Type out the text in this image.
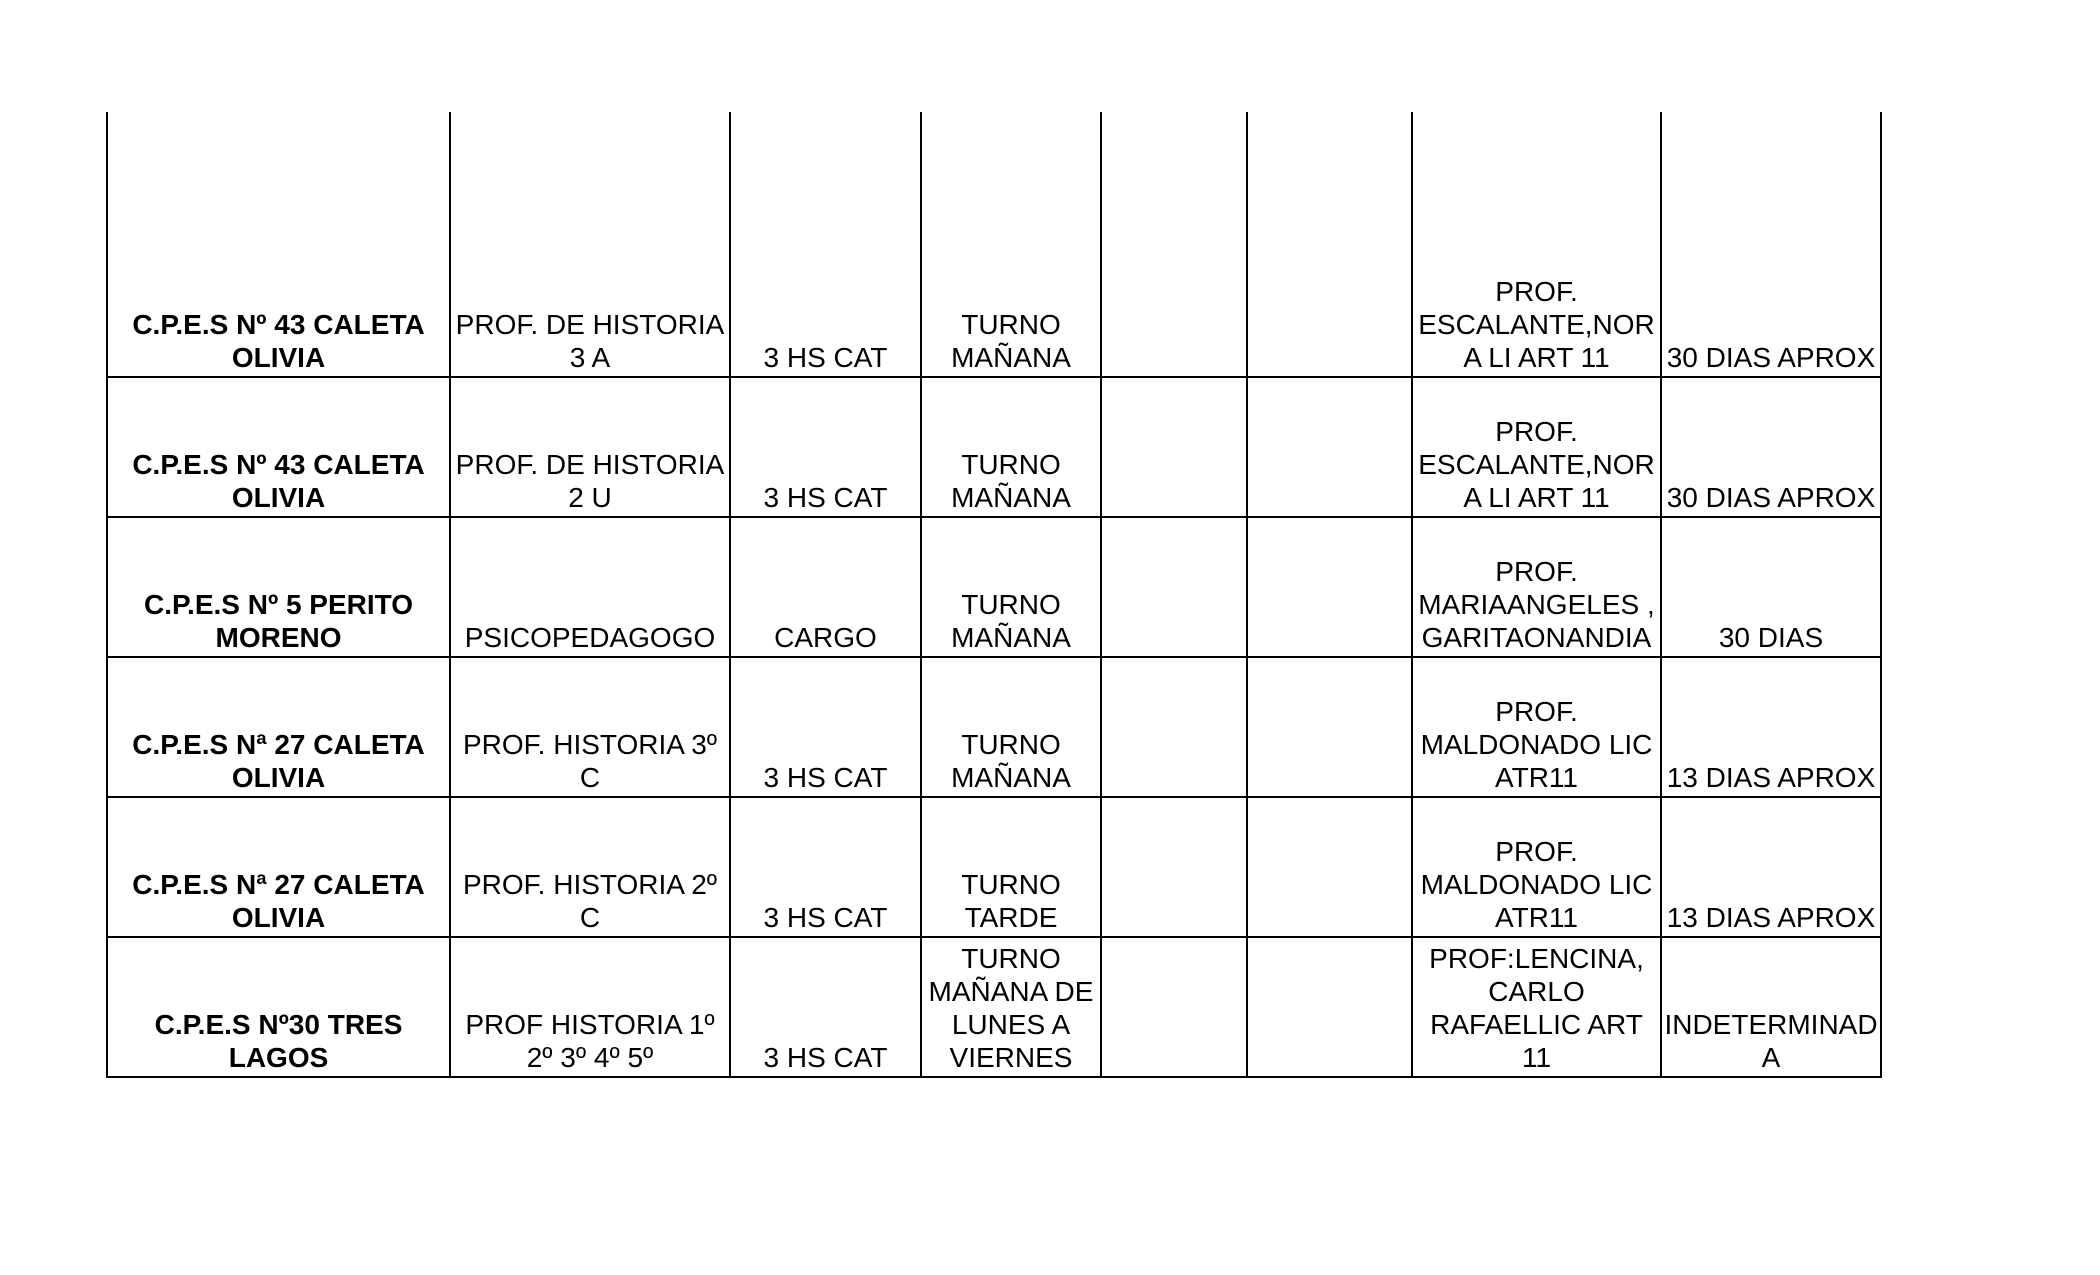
C.P.E.S Nº 43 CALETA
OLIVIA	PROF. DE HISTORIA
3 A	3 HS CAT	TURNO
MAÑANA			PROF.
ESCALANTE,NOR
A LI ART 11	30 DIAS APROX

C.P.E.S Nº 43 CALETA
OLIVIA	PROF. DE HISTORIA
2 U	3 HS CAT	TURNO
MAÑANA			PROF.
ESCALANTE,NOR
A LI ART 11	30 DIAS APROX

C.P.E.S Nº 5 PERITO
MORENO	PSICOPEDAGOGO	CARGO	TURNO
MAÑANA			PROF.
MARIAANGELES ,
GARITAONANDIA	30 DIAS

C.P.E.S Nª 27 CALETA
OLIVIA	PROF. HISTORIA 3º
C	3 HS CAT	TURNO
MAÑANA			PROF.
MALDONADO LIC
ATR11	13 DIAS APROX

C.P.E.S Nª 27 CALETA
OLIVIA	PROF. HISTORIA 2º
C	3 HS CAT	TURNO
TARDE			PROF.
MALDONADO LIC
ATR11	13 DIAS APROX

C.P.E.S Nº30 TRES
LAGOS	PROF HISTORIA 1º
2º 3º 4º 5º	3 HS CAT	TURNO
MAÑANA DE
LUNES A
VIERNES			PROF:LENCINA,
CARLO
RAFAELLIC ART
11	INDETERMINAD
A
